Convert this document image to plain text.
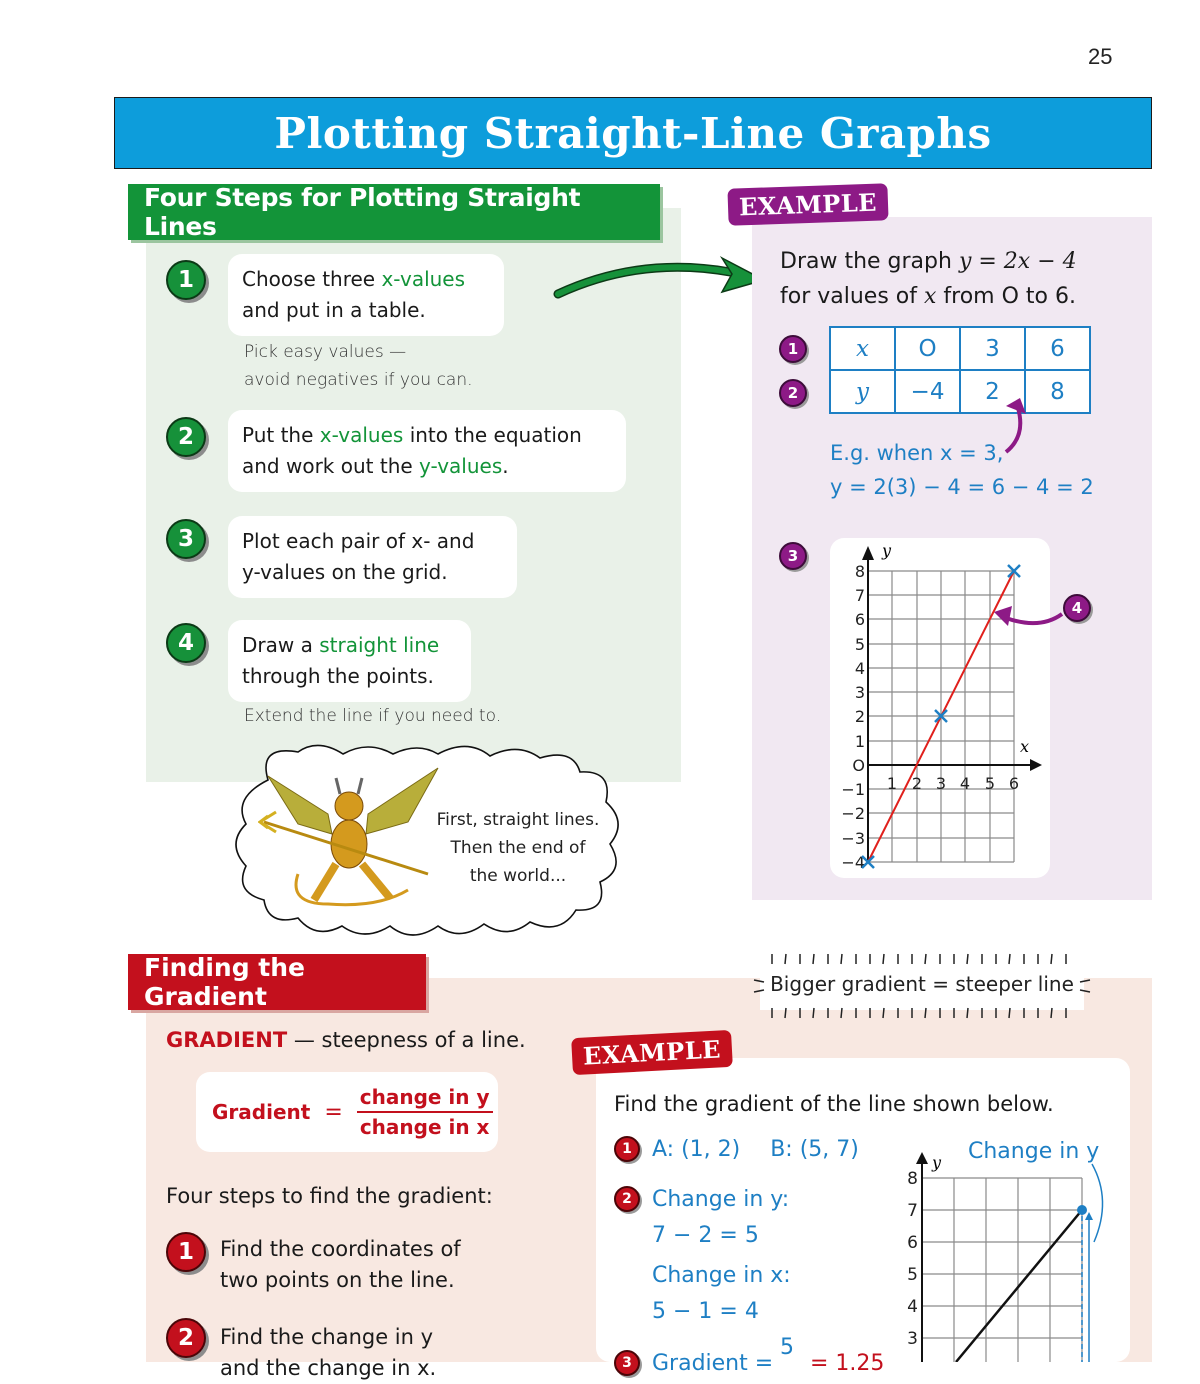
25
Plotting Straight-Line Graphs
Four Steps for Plotting Straight Lines
1	Choose three x-values
and put in a table.
Pick easy values —
avoid negatives if you can.
2	Put the x-values into the equation
and work out the y-values.
3	Plot each pair of x- and
y-values on the grid.
4	Draw a straight line
through the points.
Extend the line if you need to.
First, straight lines.
Then the end of
the world...
EXAMPLE
Draw the graph y = 2x − 4
for values of x from O to 6.
1
2
x	O	3	6
y	−4	2	8
E.g. when x = 3,
y = 2(3) − 4 = 6 − 4 = 2
3	y
x
8
7
6
5
4
3
2
1
O
−1
−2
−3
−4
1 2 3 4 5 6
4
Finding the Gradient	Bigger gradient = steeper line
GRADIENT — steepness of a line.
Gradient = $\frac{\text{change in y}}{\text{change in x}}$
Four steps to find the gradient:
1	Find the coordinates of
two points on the line.
2	Find the change in y
and the change in x.
EXAMPLE
Find the gradient of the line shown below.
1 A: (1, 2) B: (5, 7)
2 Change in y:
7 − 2 = 5
Change in x:
5 − 1 = 4
3 Gradient =
5
= 1.25
Change in y
y
8
7
6
5
4
3
